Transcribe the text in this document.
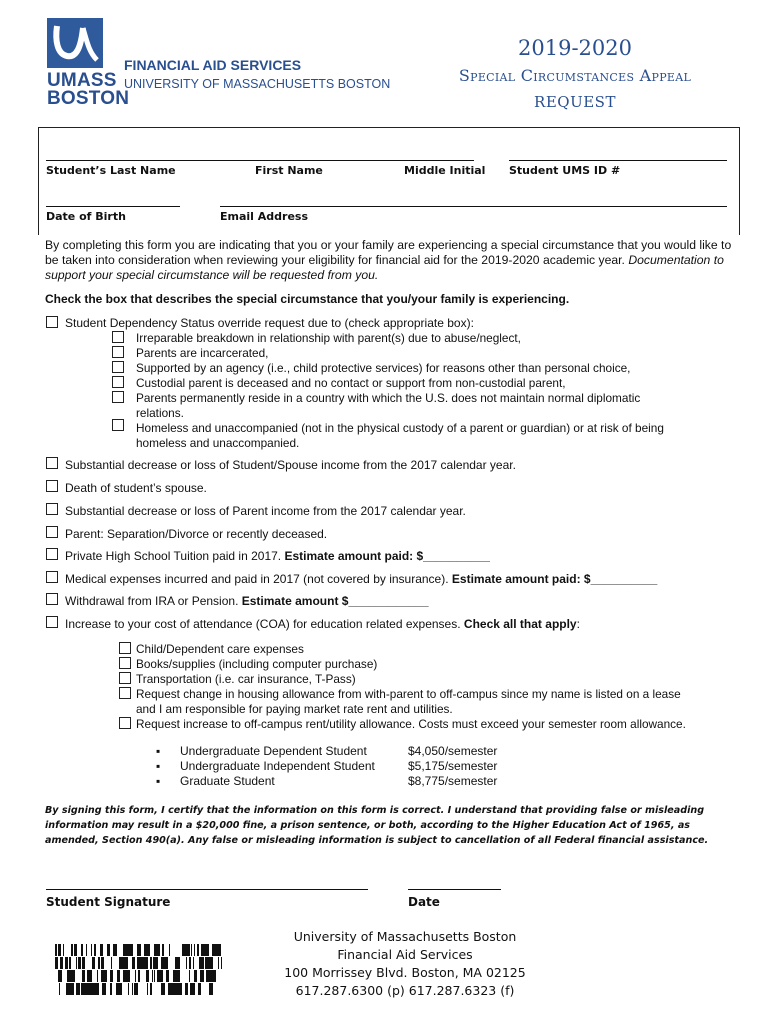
UMASS
BOSTON
FINANCIAL AID SERVICES
UNIVERSITY OF MASSACHUSETTS BOSTON
2019-2020
Special Circumstances Appeal
REQUEST
Student’s Last Name	First Name	Middle Initial Student UMS ID #
Date of Birth	Email Address
By completing this form you are indicating that you or your family are experiencing a special circumstance that you would like to be taken into consideration when reviewing your eligibility for financial aid for the 2019-2020 academic year. Documentation to support your special circumstance will be requested from you.
Check the box that describes the special circumstance that you/your family is experiencing.
Student Dependency Status override request due to (check appropriate box):
Irreparable breakdown in relationship with parent(s) due to abuse/neglect,
Parents are incarcerated,
Supported by an agency (i.e., child protective services) for reasons other than personal choice,
Custodial parent is deceased and no contact or support from non-custodial parent,
Parents permanently reside in a country with which the U.S. does not maintain normal diplomatic
relations.
Homeless and unaccompanied (not in the physical custody of a parent or guardian) or at risk of being
homeless and unaccompanied.
Substantial decrease or loss of Student/Spouse income from the 2017 calendar year.
Death of student’s spouse.
Substantial decrease or loss of Parent income from the 2017 calendar year.
Parent: Separation/Divorce or recently deceased.
Private High School Tuition paid in 2017. Estimate amount paid: $__________
Medical expenses incurred and paid in 2017 (not covered by insurance). Estimate amount paid: $__________
Withdrawal from IRA or Pension. Estimate amount $____________
Increase to your cost of attendance (COA) for education related expenses. Check all that apply:
Child/Dependent care expenses
Books/supplies (including computer purchase)
Transportation (i.e. car insurance, T-Pass)
Request change in housing allowance from with-parent to off-campus since my name is listed on a lease
and I am responsible for paying market rate rent and utilities.
Request increase to off-campus rent/utility allowance. Costs must exceed your semester room allowance.
▪ Undergraduate Dependent Student	$4,050/semester
▪ Undergraduate Independent Student	$5,175/semester
▪ Graduate Student	$8,775/semester
By signing this form, I certify that the information on this form is correct. I understand that providing false or misleading information may result in a $20,000 fine, a prison sentence, or both, according to the Higher Education Act of 1965, as amended, Section 490(a). Any false or misleading information is subject to cancellation of all Federal financial assistance.
Student Signature	Date
University of Massachusetts Boston
Financial Aid Services
100 Morrissey Blvd. Boston, MA 02125
617.287.6300 (p) 617.287.6323 (f)
